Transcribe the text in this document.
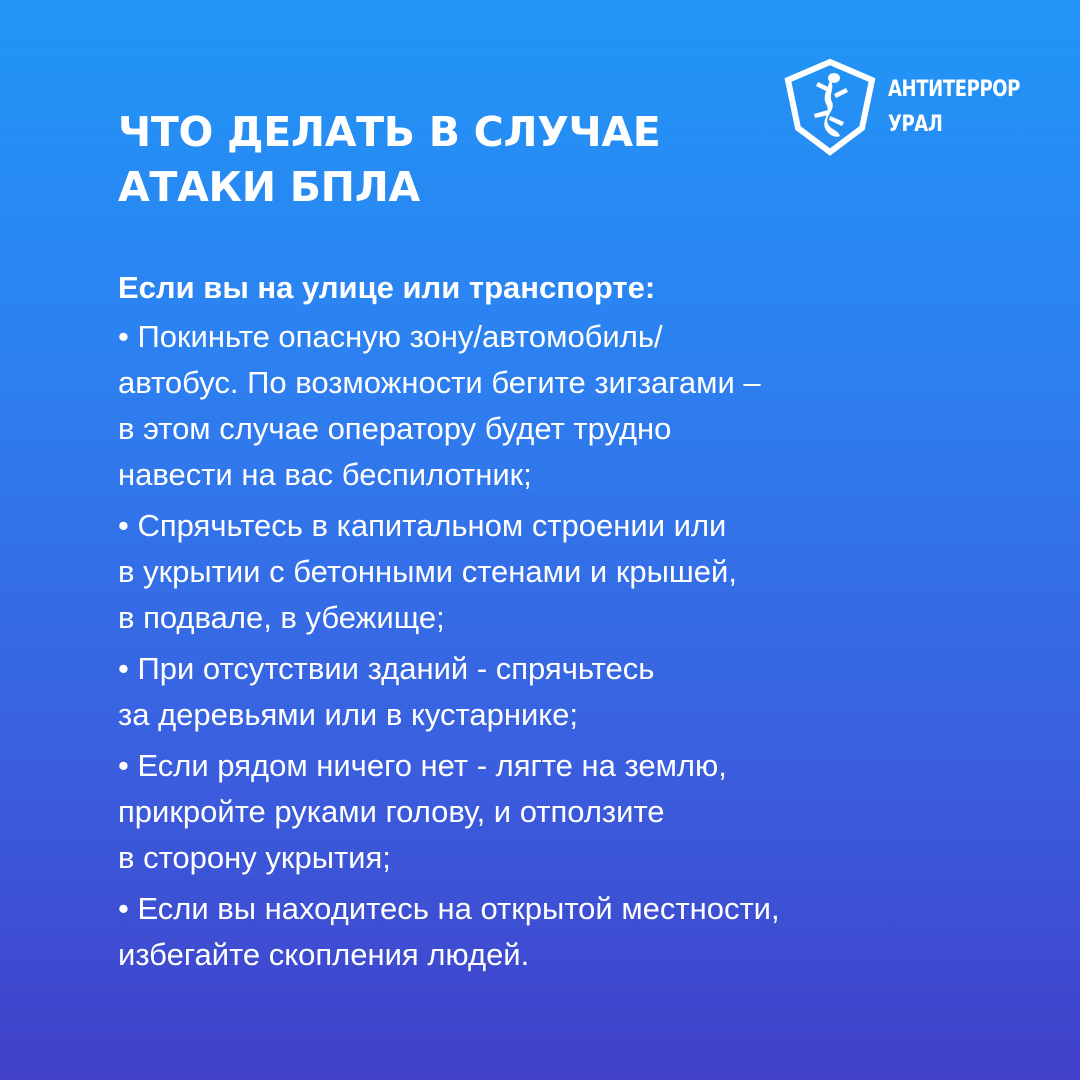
АНТИТЕРРОР
УРАЛ
ЧТО ДЕЛАТЬ В СЛУЧАЕ
АТАКИ БПЛА
Если вы на улице или транспорте:
• Покиньте опасную зону/автомобиль/
автобус. По возможности бегите зигзагами –
в этом случае оператору будет трудно
навести на вас беспилотник;
• Спрячьтесь в капитальном строении или
в укрытии с бетонными стенами и крышей,
в подвале, в убежище;
• При отсутствии зданий - спрячьтесь
за деревьями или в кустарнике;
• Если рядом ничего нет - лягте на землю,
прикройте руками голову, и отползите
в сторону укрытия;
• Если вы находитесь на открытой местности,
избегайте скопления людей.
